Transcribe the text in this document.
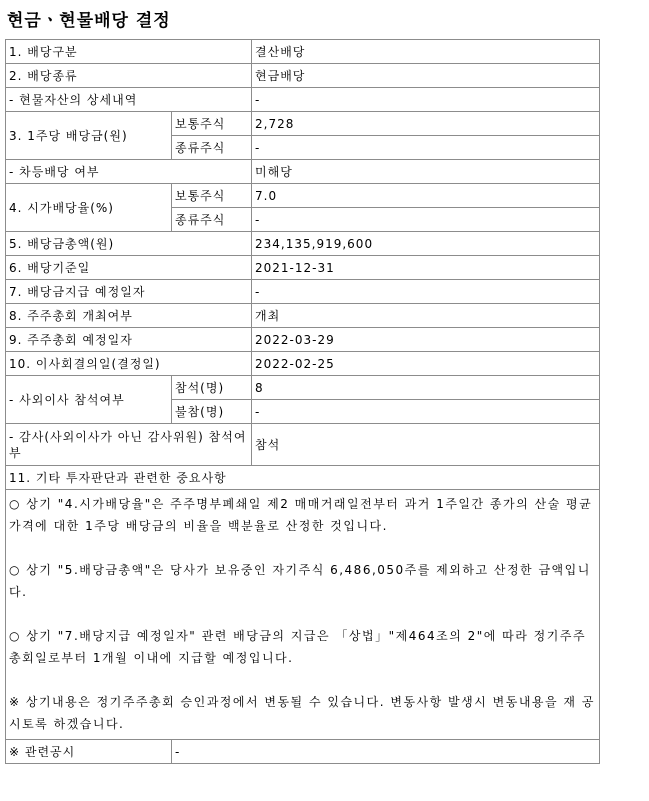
현금ㆍ현물배당 결정
1. 배당구분		결산배당
2. 배당종류		현금배당
- 현물자산의 상세내역		-
3. 1주당 배당금(원)	보통주식	2,728
	종류주식	-
- 차등배당 여부		미해당
4. 시가배당율(%)	보통주식	7.0
	종류주식	-
5. 배당금총액(원)		234,135,919,600
6. 배당기준일		2021-12-31
7. 배당금지급 예정일자		-
8. 주주총회 개최여부		개최
9. 주주총회 예정일자		2022-03-29
10. 이사회결의일(결정일)		2022-02-25
- 사외이사 참석여부	참석(명)	8
	불참(명)	-
- 감사(사외이사가 아닌 감사위원) 참석여부		참석
11. 기타 투자판단과 관련한 중요사항		

○ 상기 "4.시가배당율"은 주주명부폐쇄일 제2 매매거래일전부터 과거 1주일간 종가의 산술 평균 가격에 대한 1주당 배당금의 비율을 백분율로 산정한 것입니다.

○ 상기 "5.배당금총액"은 당사가 보유중인 자기주식 6,486,050주를 제외하고 산정한 금액입니다.

○ 상기 "7.배당지급 예정일자" 관련 배당금의 지급은 「상법」"제464조의 2"에 따라 정기주주총회일로부터 1개월 이내에 지급할 예정입니다.

※ 상기내용은 정기주주총회 승인과정에서 변동될 수 있습니다. 변동사항 발생시 변동내용을 재 공시토록 하겠습니다.		

※ 관련공시	-	
